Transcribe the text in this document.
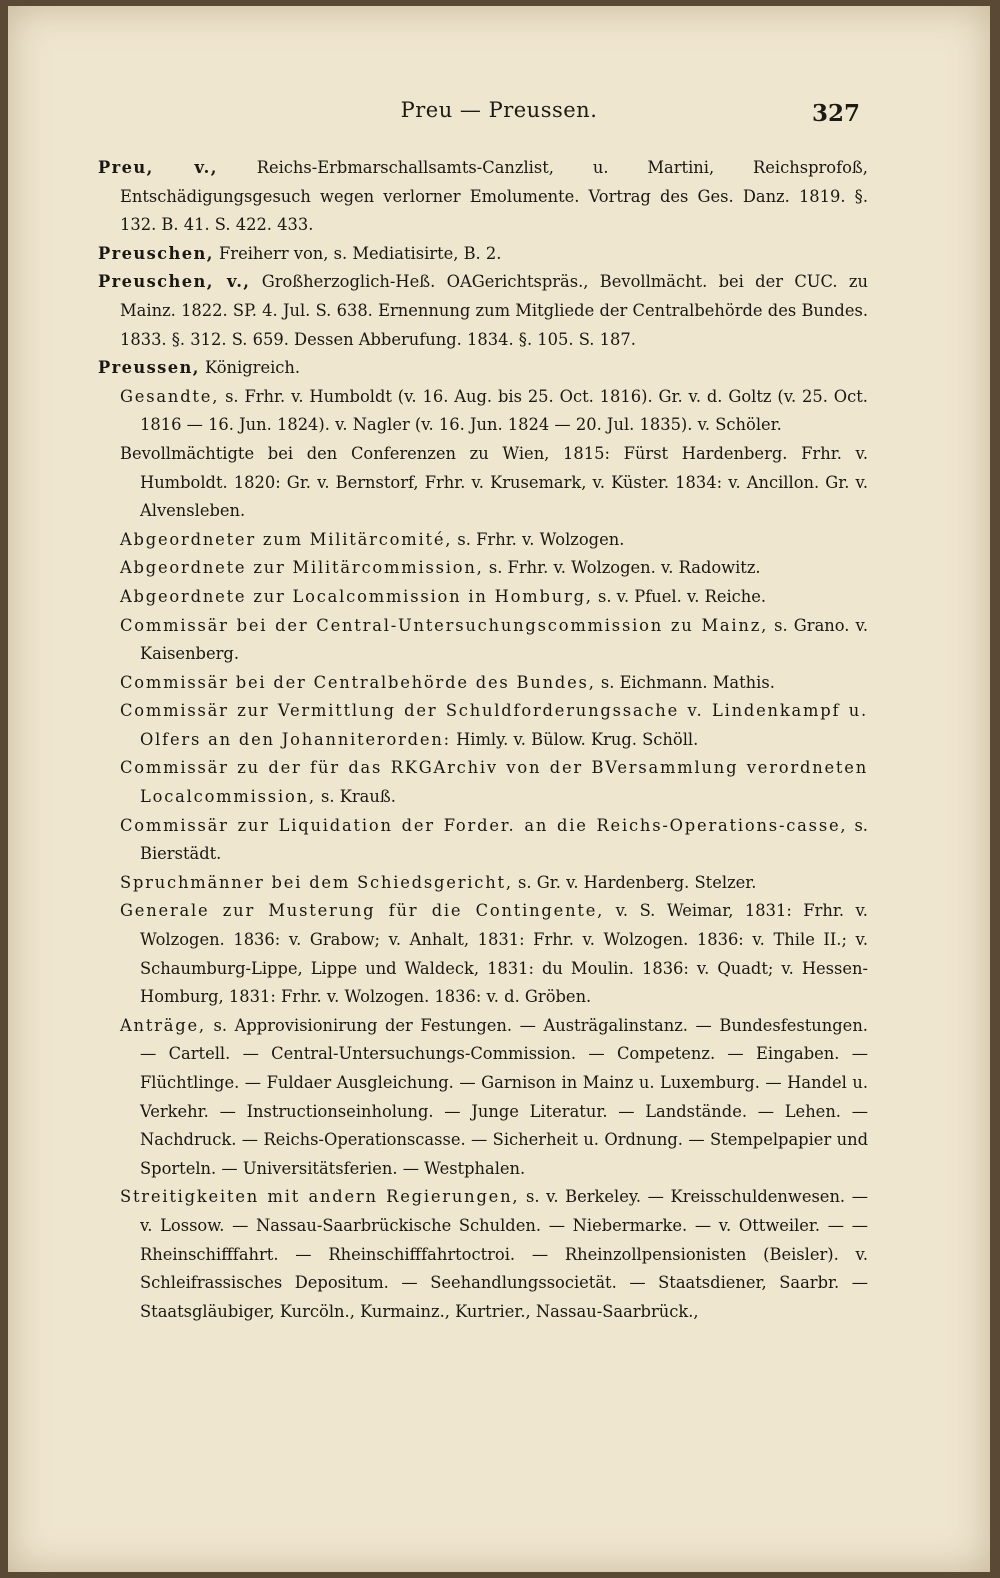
Preu — Preussen.	327

Preu, v., Reichs-Erbmarschallsamts-Canzlist, u. Martini, Reichsprofoß, Entschädigungsgesuch wegen verlorner Emolumente. Vortrag des Ges. Danz. 1819. §. 132. B. 41. S. 422. 433.

Preuschen, Freiherr von, s. Mediatisirte, B. 2.

Preuschen, v., Großherzoglich-Heß. OAGerichtspräs., Bevollmächt. bei der CUC. zu Mainz. 1822. SP. 4. Jul. S. 638. Ernennung zum Mitgliede der Centralbehörde des Bundes. 1833. §. 312. S. 659. Dessen Abberufung. 1834. §. 105. S. 187.

Preussen, Königreich.

Gesandte, s. Frhr. v. Humboldt (v. 16. Aug. bis 25. Oct. 1816). Gr. v. d. Goltz (v. 25. Oct. 1816 — 16. Jun. 1824). v. Nagler (v. 16. Jun. 1824 — 20. Jul. 1835). v. Schöler.

Bevollmächtigte bei den Conferenzen zu Wien, 1815: Fürst Hardenberg. Frhr. v. Humboldt. 1820: Gr. v. Bernstorf, Frhr. v. Krusemark, v. Küster. 1834: v. Ancillon. Gr. v. Alvensleben.

Abgeordneter zum Militärcomité, s. Frhr. v. Wolzogen.

Abgeordnete zur Militärcommission, s. Frhr. v. Wolzogen. v. Radowitz.

Abgeordnete zur Localcommission in Homburg, s. v. Pfuel. v. Reiche.

Commissär bei der Central-Untersuchungscommission zu Mainz, s. Grano. v. Kaisenberg.

Commissär bei der Centralbehörde des Bundes, s. Eichmann. Mathis.

Commissär zur Vermittlung der Schuldforderungssache v. Lindenkampf u. Olfers an den Johanniterorden: Himly. v. Bülow. Krug. Schöll.

Commissär zu der für das RKGArchiv von der BVersammlung verordneten Localcommission, s. Krauß.

Commissär zur Liquidation der Forder. an die Reichs-Operations-casse, s. Bierstädt.

Spruchmänner bei dem Schiedsgericht, s. Gr. v. Hardenberg. Stelzer.

Generale zur Musterung für die Contingente, v. S. Weimar, 1831: Frhr. v. Wolzogen. 1836: v. Grabow; v. Anhalt, 1831: Frhr. v. Wolzogen. 1836: v. Thile II.; v. Schaumburg-Lippe, Lippe und Waldeck, 1831: du Moulin. 1836: v. Quadt; v. Hessen-Homburg, 1831: Frhr. v. Wolzogen. 1836: v. d. Gröben.

Anträge, s. Approvisionirung der Festungen. — Austrägalinstanz. — Bundesfestungen. — Cartell. — Central-Untersuchungs-Commission. — Competenz. — Eingaben. — Flüchtlinge. — Fuldaer Ausgleichung. — Garnison in Mainz u. Luxemburg. — Handel u. Verkehr. — Instructionseinholung. — Junge Literatur. — Landstände. — Lehen. — Nachdruck. — Reichs-Operationscasse. — Sicherheit u. Ordnung. — Stempelpapier und Sporteln. — Universitätsferien. — Westphalen.

Streitigkeiten mit andern Regierungen, s. v. Berkeley. — Kreisschuldenwesen. — v. Lossow. — Nassau-Saarbrückische Schulden. — Niebermarke. — v. Ottweiler. — — Rheinschifffahrt. — Rheinschifffahrtoctroi. — Rheinzollpensionisten (Beisler). v. Schleifrassisches Depositum. — Seehandlungssocietät. — Staatsdiener, Saarbr. — Staatsgläubiger, Kurcöln., Kurmainz., Kurtrier., Nassau-Saarbrück.,
